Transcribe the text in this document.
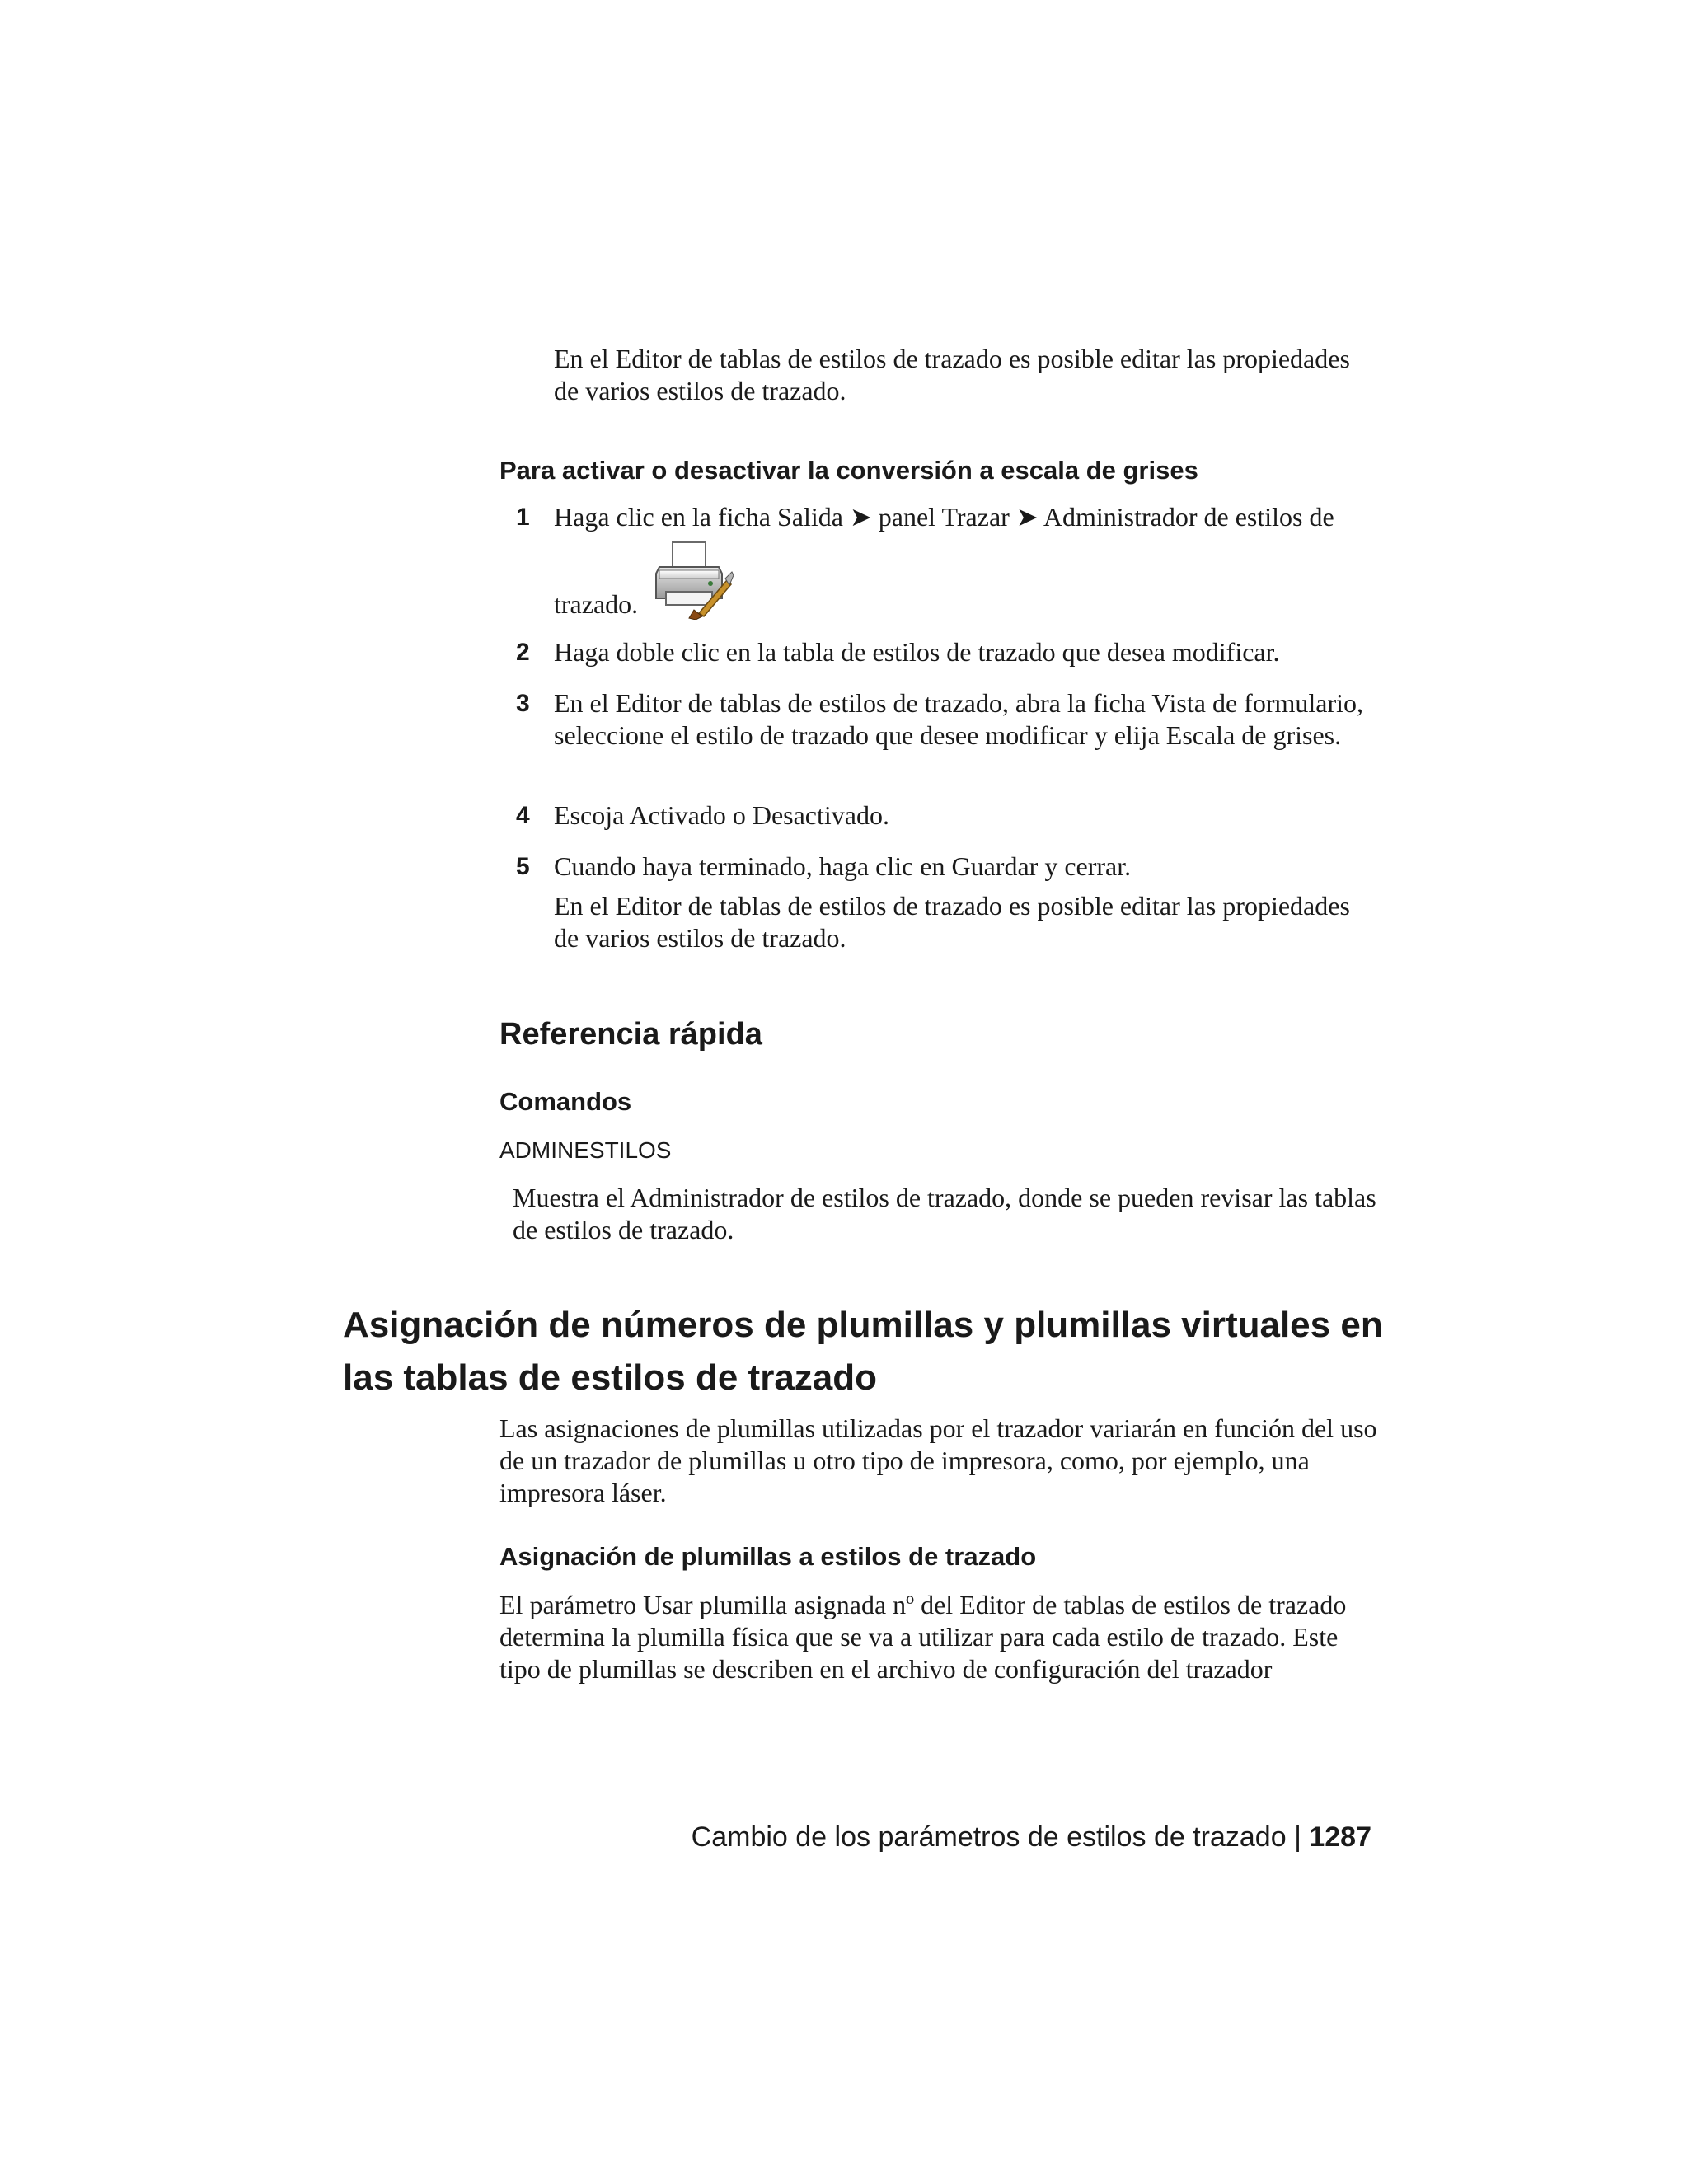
En el Editor de tablas de estilos de trazado es posible editar las propiedades de varios estilos de trazado.

Para activar o desactivar la conversión a escala de grises
1 Haga clic en la ficha Salida ➤ panel Trazar ➤ Administrador de estilos de
trazado.
2 Haga doble clic en la tabla de estilos de trazado que desea modificar.
3 En el Editor de tablas de estilos de trazado, abra la ficha Vista de formulario, seleccione el estilo de trazado que desee modificar y elija Escala de grises.
4 Escoja Activado o Desactivado.
5 Cuando haya terminado, haga clic en Guardar y cerrar.

En el Editor de tablas de estilos de trazado es posible editar las propiedades de varios estilos de trazado.

Referencia rápida
Comandos
ADMINESTILOS

Muestra el Administrador de estilos de trazado, donde se pueden revisar las tablas de estilos de trazado.

Asignación de números de plumillas y plumillas virtuales en las tablas de estilos de trazado

Las asignaciones de plumillas utilizadas por el trazador variarán en función del uso de un trazador de plumillas u otro tipo de impresora, como, por ejemplo, una impresora láser.

Asignación de plumillas a estilos de trazado

El parámetro Usar plumilla asignada nº del Editor de tablas de estilos de trazado determina la plumilla física que se va a utilizar para cada estilo de trazado. Este tipo de plumillas se describen en el archivo de configuración del trazador

Cambio de los parámetros de estilos de trazado | 1287
